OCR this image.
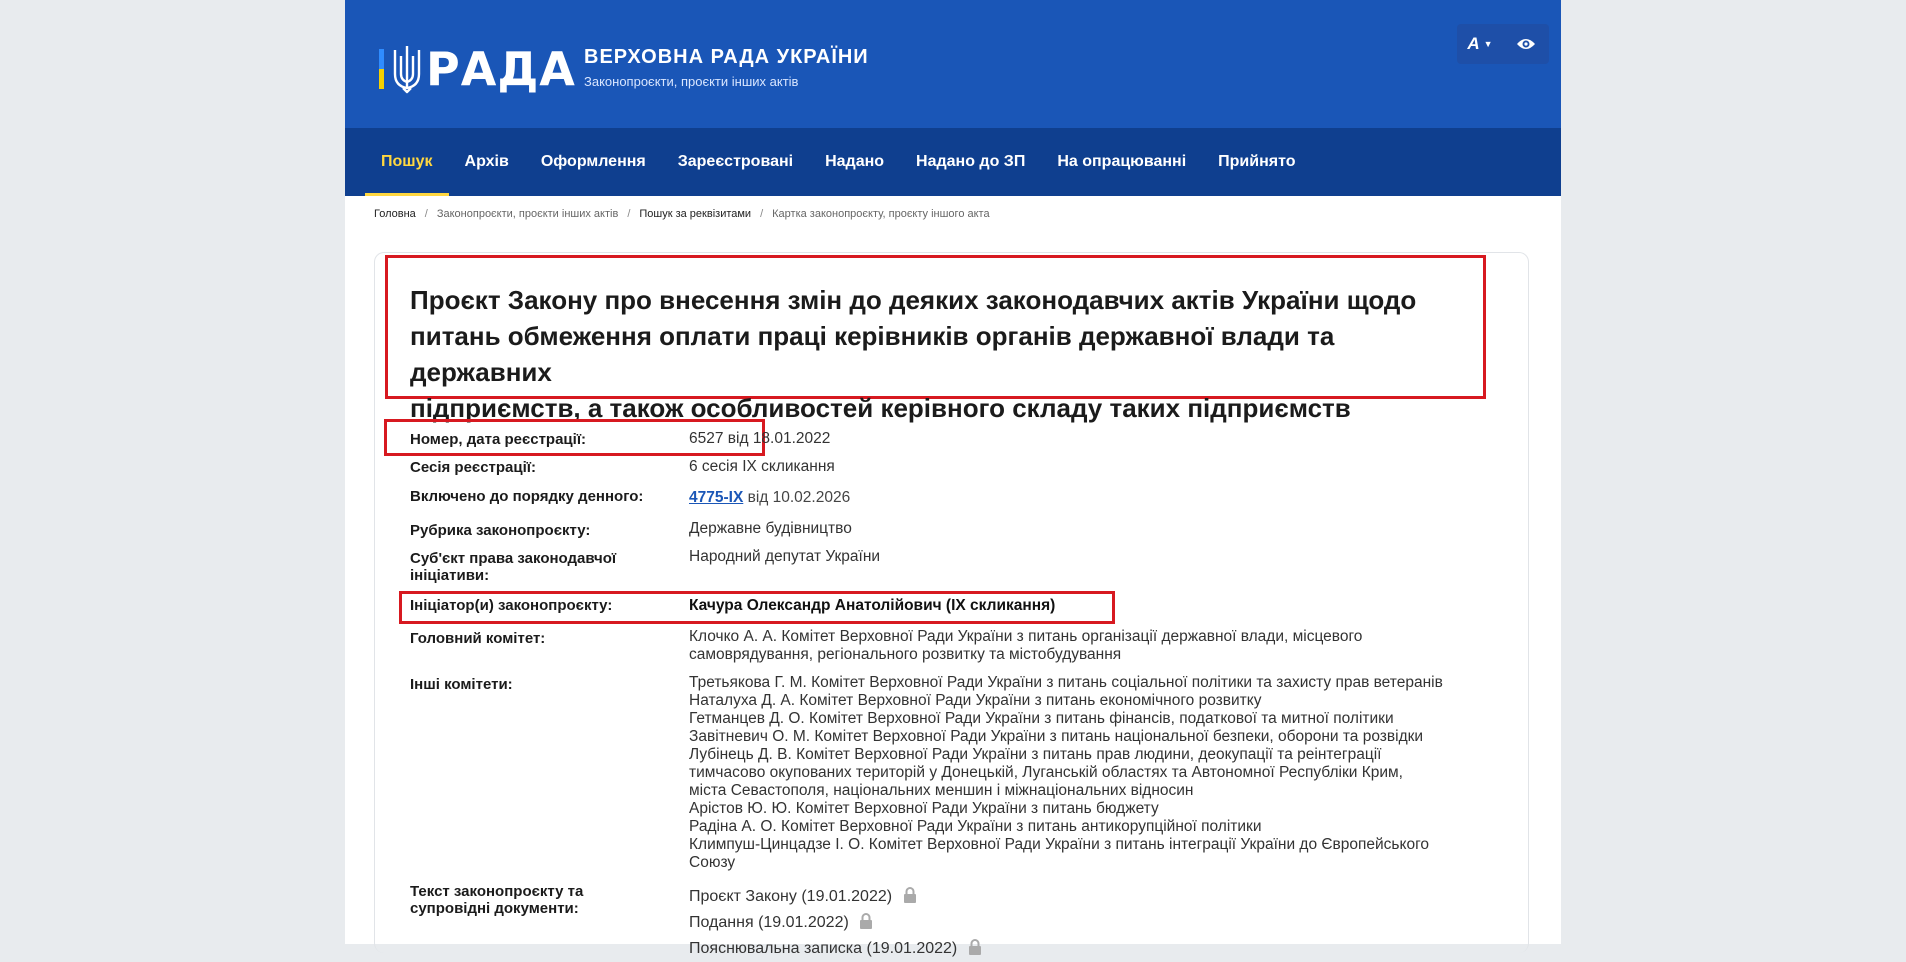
РАДА ВЕРХОВНА РАДА УКРАЇНИ
Законопроєкти, проєкти інших актів
A ▼
Пошук	Архів	Оформлення	Зареєстровані	Надано	Надано до ЗП	На опрацюванні	Прийнято
Головна / Законопроєкти, проєкти інших актів / Пошук за реквізитами / Картка законопроєкту, проєкту іншого акта
Проєкт Закону про внесення змін до деяких законодавчих актів України щодо
питань обмеження оплати праці керівників органів державної влади та державних
підприємств, а також особливостей керівного складу таких підприємств
Номер, дата реєстрації:	6527 від 18.01.2022
Сесія реєстрації:	6 сесія IX скликання
Включено до порядку денного:	4775-IX від 10.02.2026
Рубрика законопроєкту:	Державне будівництво
Суб'єкт права законодавчої
ініціативи:
Народний депутат України
Ініціатор(и) законопроєкту:	Качура Олександр Анатолійович (IX скликання)
Головний комітет:	Клочко А. А. Комітет Верховної Ради України з питань організації державної влади, місцевого
самоврядування, регіонального розвитку та містобудування
Інші комітети:	Третьякова Г. М. Комітет Верховної Ради України з питань соціальної політики та захисту прав ветеранів
Наталуха Д. А. Комітет Верховної Ради України з питань економічного розвитку
Гетманцев Д. О. Комітет Верховної Ради України з питань фінансів, податкової та митної політики
Завітневич О. М. Комітет Верховної Ради України з питань національної безпеки, оборони та розвідки
Лубінець Д. В. Комітет Верховної Ради України з питань прав людини, деокупації та реінтеграції
тимчасово окупованих територій у Донецькій, Луганській областях та Автономної Республіки Крим,
міста Севастополя, національних меншин і міжнаціональних відносин
Арістов Ю. Ю. Комітет Верховної Ради України з питань бюджету
Радіна А. О. Комітет Верховної Ради України з питань антикорупційної політики
Климпуш-Цинцадзе І. О. Комітет Верховної Ради України з питань інтеграції України до Європейського
Союзу
Текст законопроєкту та
супровідні документи:
Проєкт Закону (19.01.2022)
Подання (19.01.2022)
Пояснювальна записка (19.01.2022)
